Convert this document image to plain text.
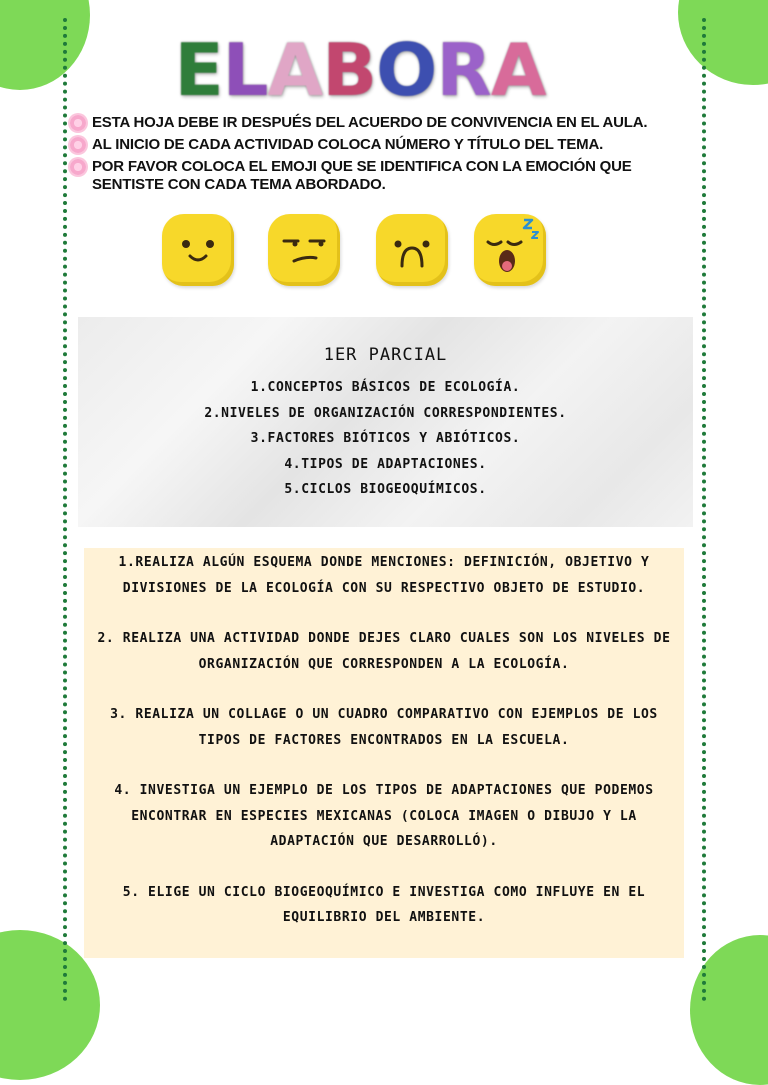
E L A B O R A
ESTA HOJA DEBE IR DESPUÉS DEL ACUERDO DE CONVIVENCIA EN EL AULA.
AL INICIO DE CADA ACTIVIDAD COLOCA NÚMERO Y TÍTULO DEL TEMA.
POR FAVOR COLOCA EL EMOJI QUE SE IDENTIFICA CON LA EMOCIÓN QUE SENTISTE CON CADA TEMA ABORDADO.
1ER PARCIAL
1.CONCEPTOS BÁSICOS DE ECOLOGÍA.
2.NIVELES DE ORGANIZACIÓN CORRESPONDIENTES.
3.FACTORES BIÓTICOS Y ABIÓTICOS.
4.TIPOS DE ADAPTACIONES.
5.CICLOS BIOGEOQUÍMICOS.
1.REALIZA ALGÚN ESQUEMA DONDE MENCIONES: DEFINICIÓN, OBJETIVO Y DIVISIONES DE LA ECOLOGÍA CON SU RESPECTIVO OBJETO DE ESTUDIO.
2. REALIZA UNA ACTIVIDAD DONDE DEJES CLARO CUALES SON LOS NIVELES DE ORGANIZACIÓN QUE CORRESPONDEN A LA ECOLOGÍA.
3. REALIZA UN COLLAGE O UN CUADRO COMPARATIVO CON EJEMPLOS DE LOS TIPOS DE FACTORES ENCONTRADOS EN LA ESCUELA.
4. INVESTIGA UN EJEMPLO DE LOS TIPOS DE ADAPTACIONES QUE PODEMOS ENCONTRAR EN ESPECIES MEXICANAS (COLOCA IMAGEN O DIBUJO Y LA ADAPTACIÓN QUE DESARROLLÓ).
5. ELIGE UN CICLO BIOGEOQUÍMICO E INVESTIGA COMO INFLUYE EN EL EQUILIBRIO DEL AMBIENTE.
